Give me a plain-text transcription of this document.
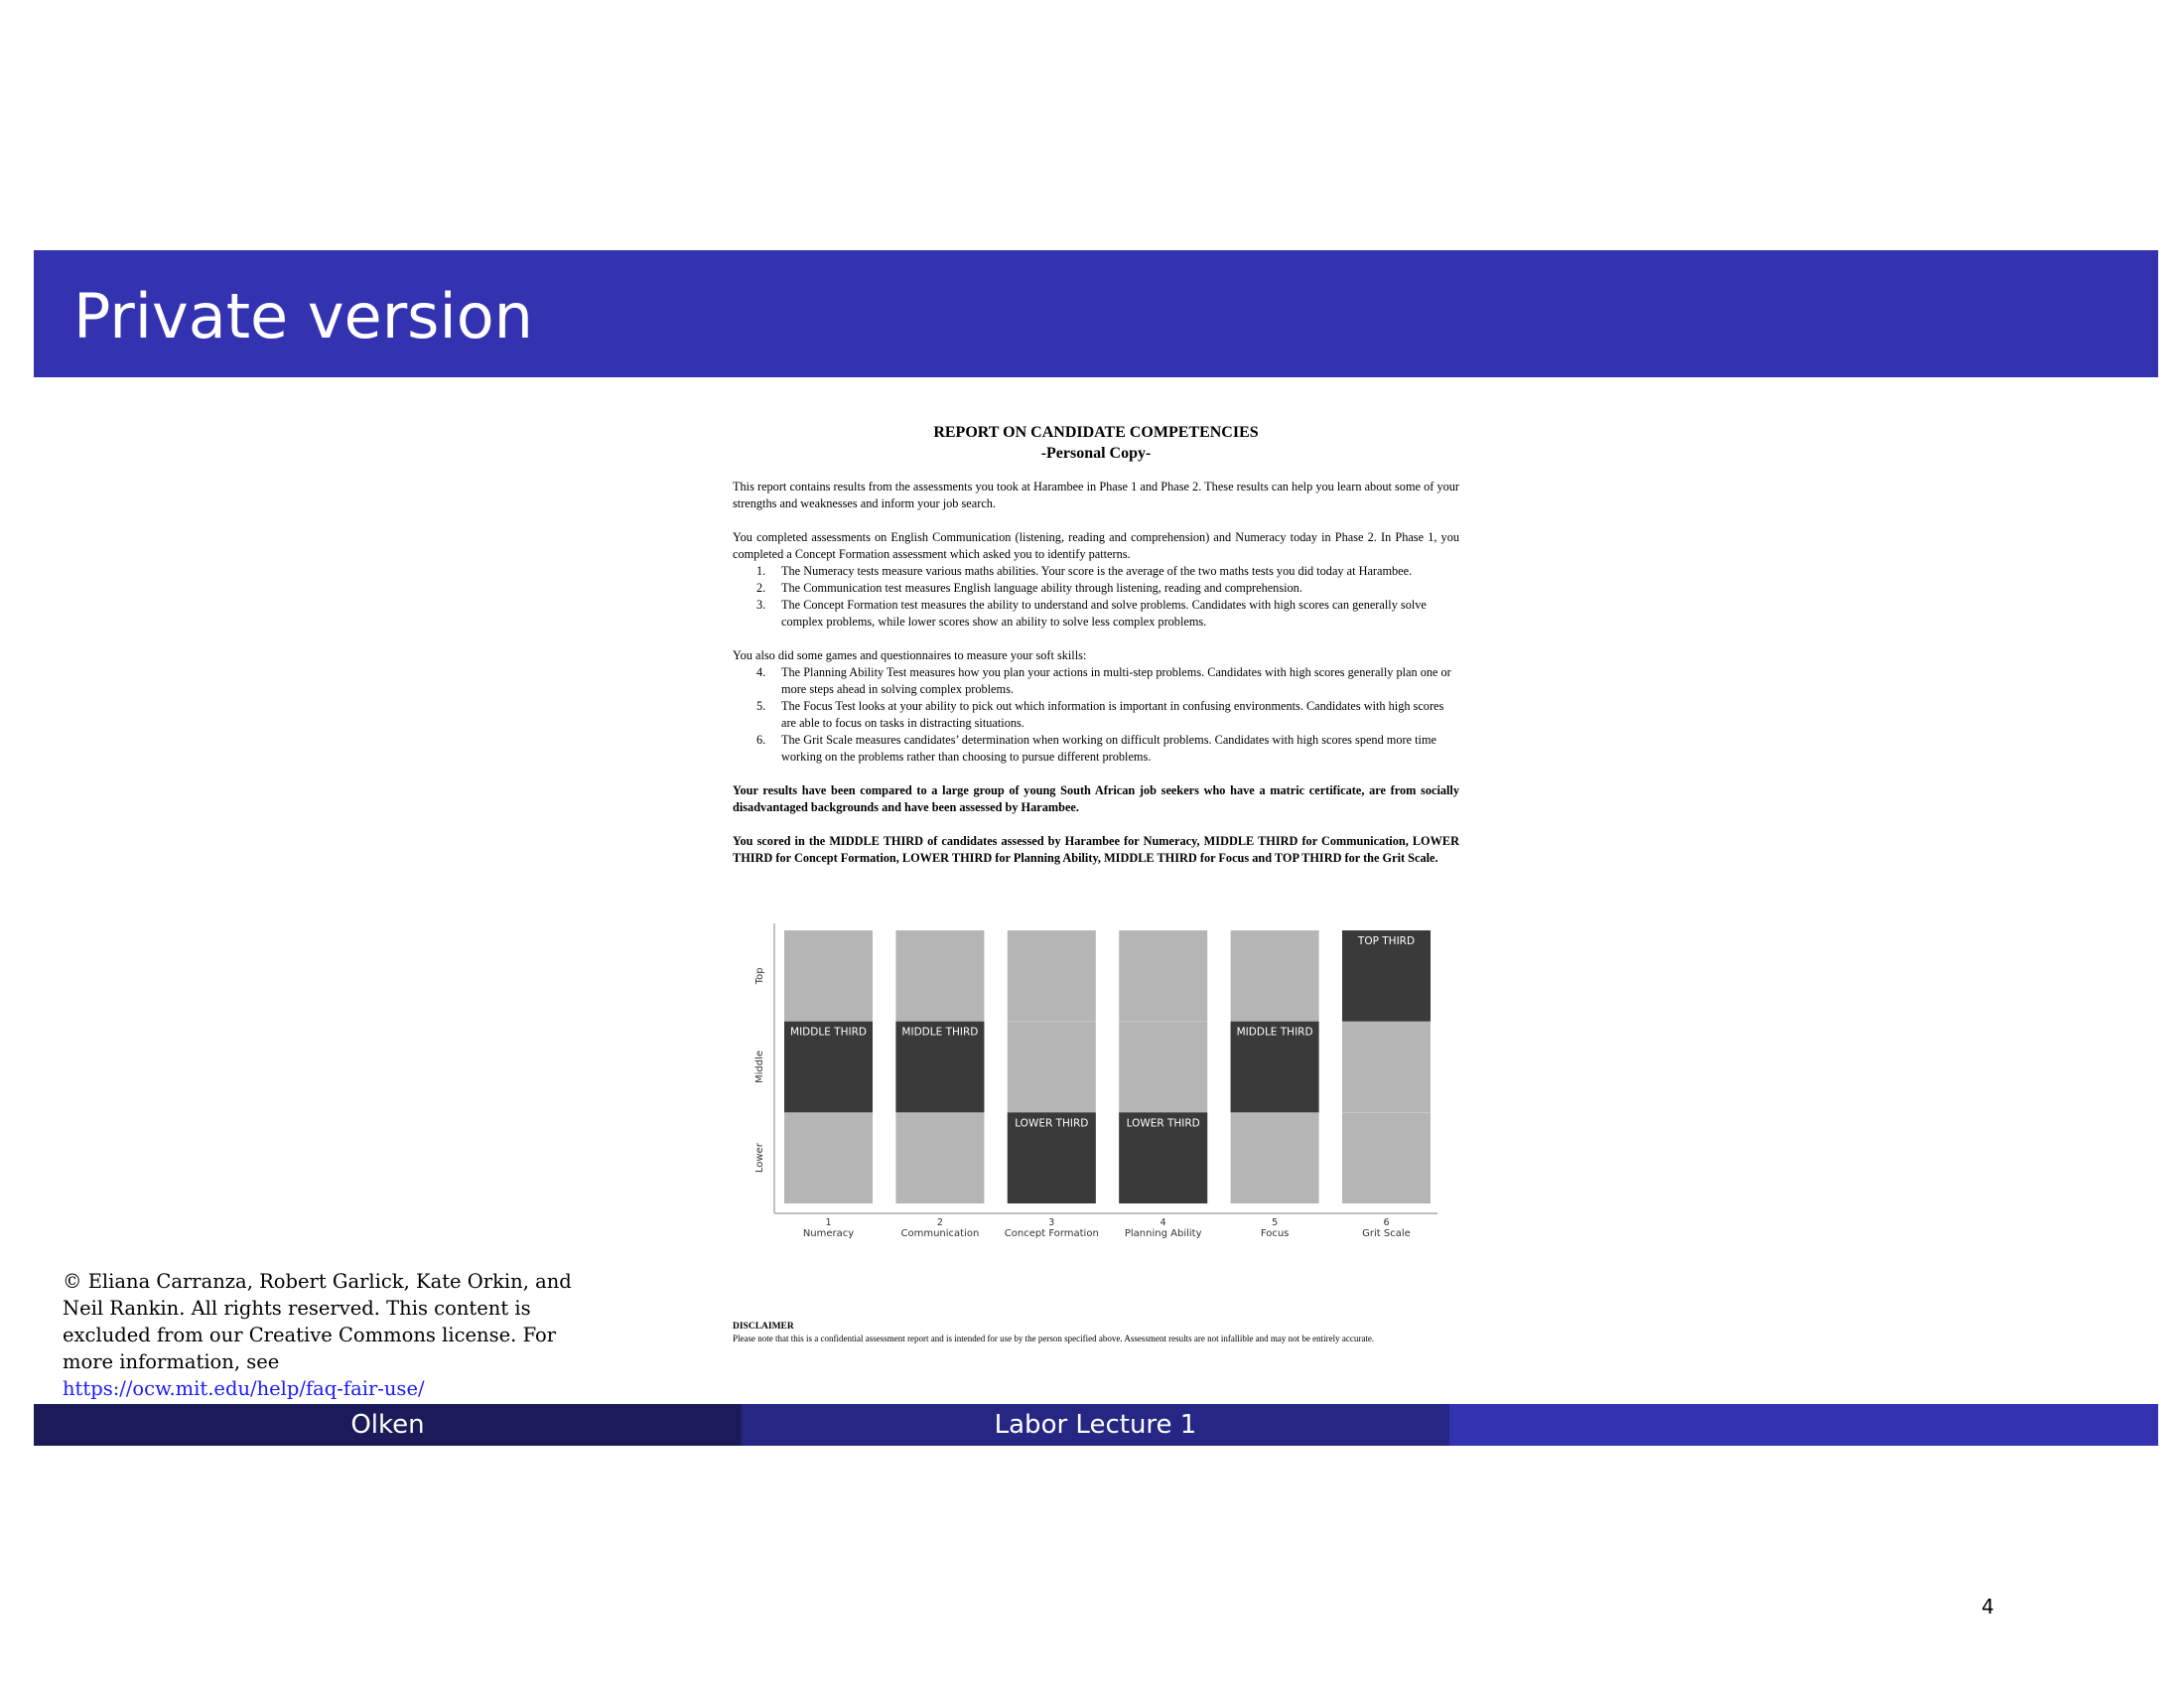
Private version
REPORT ON CANDIDATE COMPETENCIES
-Personal Copy-

This report contains results from the assessments you took at Harambee in Phase 1 and Phase 2. These results can help you learn about some of your strengths and weaknesses and inform your job search.

You completed assessments on English Communication (listening, reading and comprehension) and Numeracy today in Phase 2. In Phase 1, you completed a Concept Formation assessment which asked you to identify patterns.

1. The Numeracy tests measure various maths abilities. Your score is the average of the two maths tests you did today at Harambee.
2. The Communication test measures English language ability through listening, reading and comprehension.
3. The Concept Formation test measures the ability to understand and solve problems. Candidates with high scores can generally solve complex problems, while lower scores show an ability to solve less complex problems.

You also did some games and questionnaires to measure your soft skills:

4. The Planning Ability Test measures how you plan your actions in multi-step problems. Candidates with high scores generally plan one or more steps ahead in solving complex problems.
5. The Focus Test looks at your ability to pick out which information is important in confusing environments. Candidates with high scores are able to focus on tasks in distracting situations.
6. The Grit Scale measures candidates’ determination when working on difficult problems. Candidates with high scores spend more time working on the problems rather than choosing to pursue different problems.

Your results have been compared to a large group of young South African job seekers who have a matric certificate, are from socially disadvantaged backgrounds and have been assessed by Harambee.

You scored in the MIDDLE THIRD of candidates assessed by Harambee for Numeracy, MIDDLE THIRD for Communication, LOWER THIRD for Concept Formation, LOWER THIRD for Planning Ability, MIDDLE THIRD for Focus and TOP THIRD for the Grit Scale.

Lower
Middle
Top
MIDDLE THIRD
1
Numeracy
MIDDLE THIRD
2
Communication
LOWER THIRD
3
Concept Formation
LOWER THIRD
4
Planning Ability
MIDDLE THIRD
5
Focus
TOP THIRD
6
Grit Scale
DISCLAIMER
Please note that this is a confidential assessment report and is intended for use by the person specified above. Assessment results are not infallible and may not be entirely accurate.
© Eliana Carranza, Robert Garlick, Kate Orkin, and Neil Rankin. All rights reserved. This content is excluded from our Creative Commons license. For more information, see
https://ocw.mit.edu/help/faq-fair-use/
Olken	Labor Lecture 1
4
